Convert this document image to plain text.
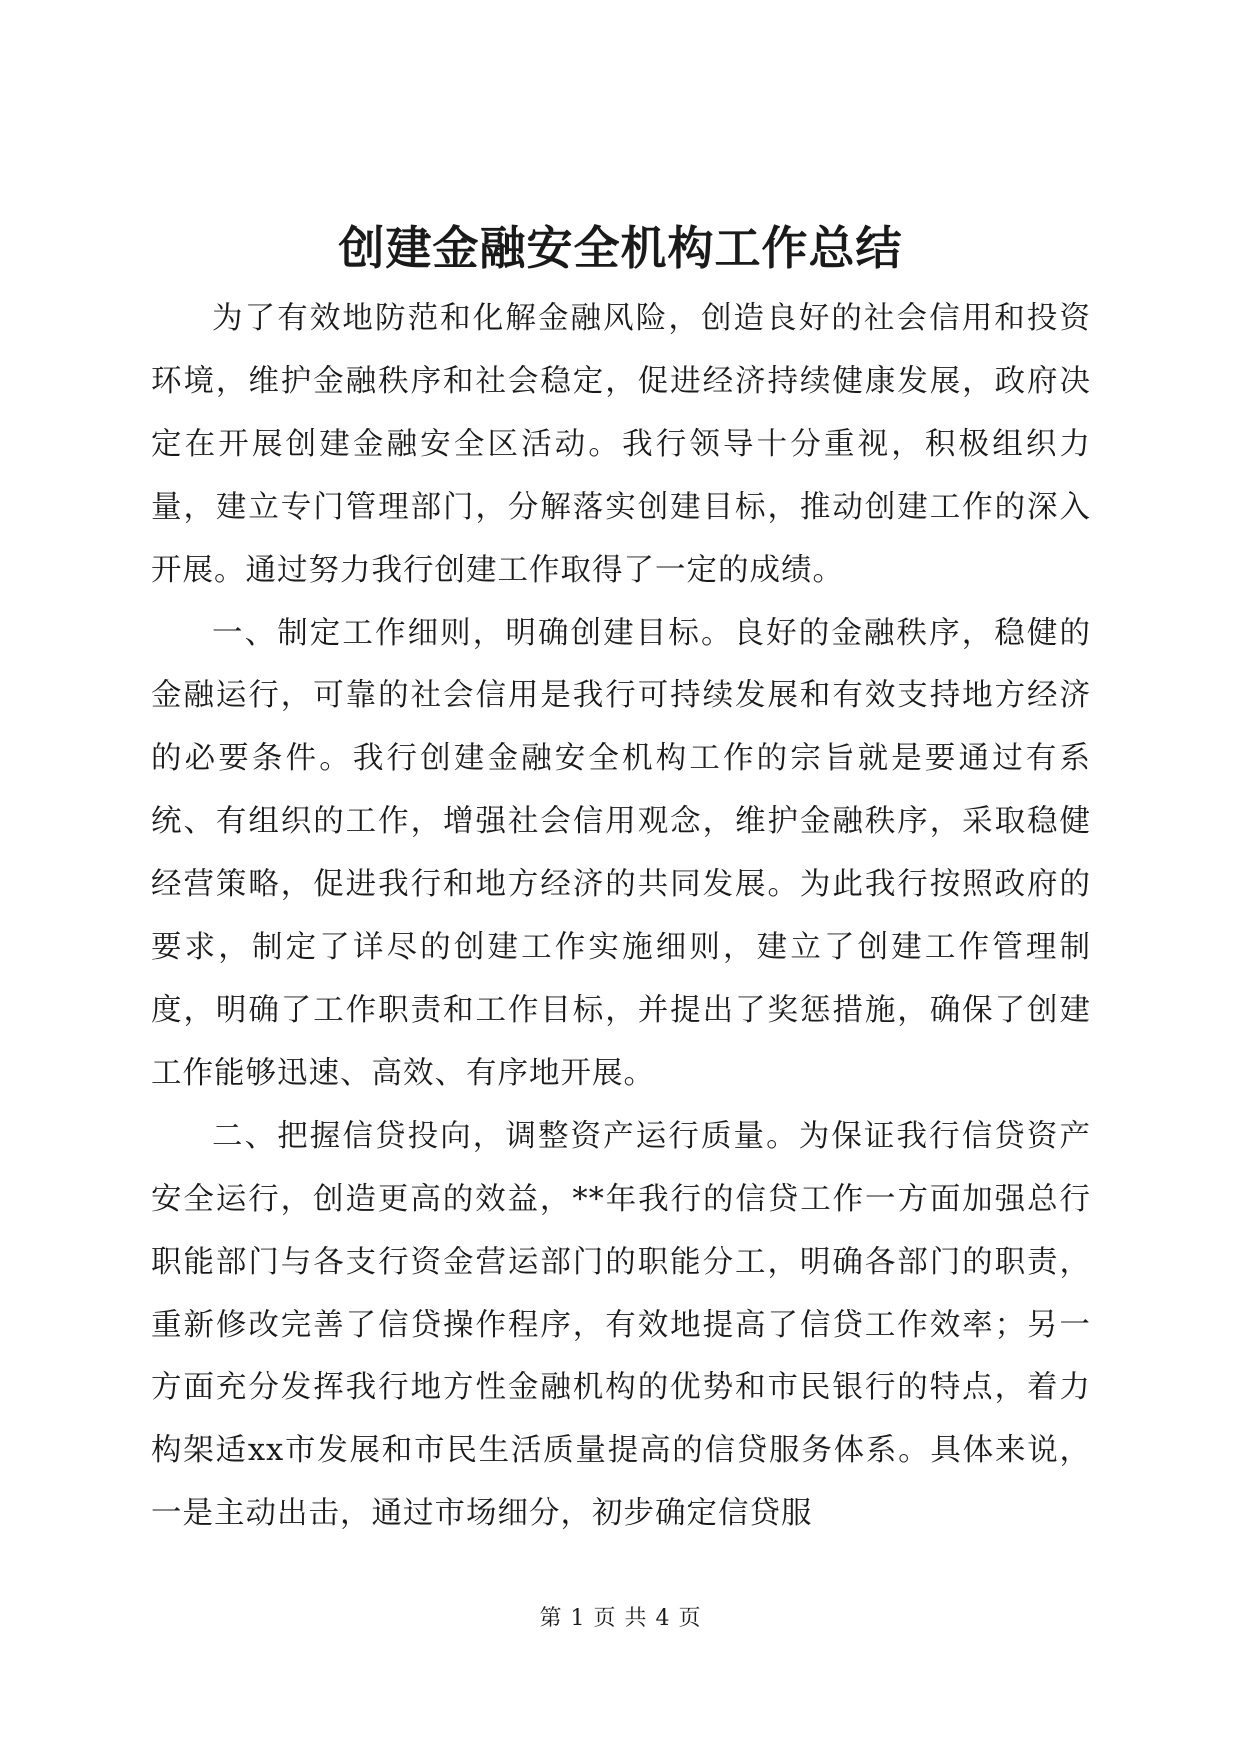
创建金融安全机构工作总结

为了有效地防范和化解金融风险，创造良好的社会信用和投资环境，维护金融秩序和社会稳定，促进经济持续健康发展，政府决定在开展创建金融安全区活动。我行领导十分重视，积极组织力量，建立专门管理部门，分解落实创建目标，推动创建工作的深入开展。通过努力我行创建工作取得了一定的成绩。

一、制定工作细则，明确创建目标。良好的金融秩序，稳健的金融运行，可靠的社会信用是我行可持续发展和有效支持地方经济的必要条件。我行创建金融安全机构工作的宗旨就是要通过有系统、有组织的工作，增强社会信用观念，维护金融秩序，采取稳健经营策略，促进我行和地方经济的共同发展。为此我行按照政府的要求，制定了详尽的创建工作实施细则，建立了创建工作管理制度，明确了工作职责和工作目标，并提出了奖惩措施，确保了创建工作能够迅速、高效、有序地开展。

二、把握信贷投向，调整资产运行质量。为保证我行信贷资产安全运行，创造更高的效益，**年我行的信贷工作一方面加强总行职能部门与各支行资金营运部门的职能分工，明确各部门的职责，重新修改完善了信贷操作程序，有效地提高了信贷工作效率；另一方面充分发挥我行地方性金融机构的优势和市民银行的特点，着力构架适xx市发展和市民生活质量提高的信贷服务体系。具体来说，一是主动出击，通过市场细分，初步确定信贷服

第 1 页 共 4 页
